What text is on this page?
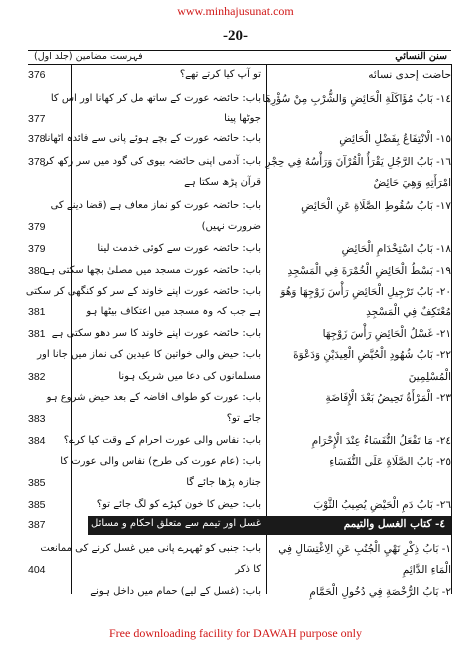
www.minhajusunat.com
-20-
سنن النسائي
فہرست مضامین (جلد اول)
حاضت إحدى نسائه
تو آپ کیا کرتے تھے؟
376
١٤- بَابُ مُؤَاكَلَةِ الْحَائِضِ وَالشُّرْبِ مِنْ سُؤْرِهَا
باب: حائضہ عورت کے ساتھ مل کر کھانا اور اس کا
جوٹھا پینا
377
١٥- الْانْتِفَاعُ بِفَضْلِ الْحَائِضِ
باب: حائضہ عورت کے بچے ہوئے پانی سے فائدہ اٹھانا
378
١٦- بَابُ الرَّجُلِ يَقْرَأُ الْقُرْآنَ وَرَأْسُهُ فِي حِجْرِ
باب: آدمی اپنی حائضہ بیوی کی گود میں سر رکھ کر
378
امْرَأَتِهِ وَهِيَ حَائِضٌ
قرآن پڑھ سکتا ہے
١٧- بَابُ سُقُوطِ الصَّلَاةِ عَنِ الْحَائِضِ
باب: حائضہ عورت کو نماز معاف ہے (قضا دینے کی
ضرورت نہیں)
379
١٨- بَابُ اسْتِخْدَامِ الْحَائِضِ
باب: حائضہ عورت سے کوئی خدمت لینا
379
١٩- بَسْطُ الْحَائِضِ الْخُمْرَةَ فِي الْمَسْجِدِ
باب: حائضہ عورت مسجد میں مصلیٰ بچھا سکتی ہے
380
٢٠- بَابُ تَرْجِيلِ الْحَائِضِ رَأْسَ زَوْجِهَا وَهُوَ
باب: حائضہ عورت اپنے خاوند کے سر کو کنگھی کر سکتی
مُعْتَكِفٌ فِي الْمَسْجِدِ
ہے جب کہ وہ مسجد میں اعتکاف بیٹھا ہو
381
٢١- غَسْلُ الْحَائِضِ رَأْسَ زَوْجِهَا
باب: حائضہ عورت اپنے خاوند کا سر دھو سکتی ہے
381
٢٢- بَابُ شُهُودِ الْحُيَّضِ الْعِيدَيْنِ وَدَعْوَةَ
باب: حیض والی خواتین کا عیدین کی نماز میں جانا اور
الْمُسْلِمِينَ
مسلمانوں کی دعا میں شریک ہونا
382
٢٣- الْمَرْأَةُ تَحِيضُ بَعْدَ الْإِفَاضَةِ
باب: عورت کو طواف افاضہ کے بعد حیض شروع ہو
جائے تو؟
383
٢٤- مَا تَفْعَلُ النُّفَسَاءُ عِنْدَ الْإِحْرَامِ
باب: نفاس والی عورت احرام کے وقت کیا کرے؟
384
٢٥- بَابُ الصَّلَاةِ عَلَى النُّفَسَاءِ
باب: (عام عورت کی طرح) نفاس والی عورت کا
جنازہ پڑھا جائے گا
385
٢٦- بَابُ دَمِ الْحَيْضِ يُصِيبُ الثَّوْبَ
باب: حیض کا خون کپڑے کو لگ جائے تو؟
385
١- بَابُ ذِكْرِ نَهْيِ الْجُنُبِ عَنِ الِاغْتِسَالِ فِي
باب: جنبی کو ٹھہرے پانی میں غسل کرنے کی ممانعت
الْمَاءِ الدَّائِمِ
کا ذکر
404
٢- بَابُ الرُّخْصَةِ فِي دُخُولِ الْحَمَّامِ
باب: (غسل کے لیے) حمام میں داخل ہونے
٤- كتاب الغسل والتيمم
غسل اور تیمم سے متعلق احکام و مسائل
387
Free downloading facility for DAWAH purpose only
